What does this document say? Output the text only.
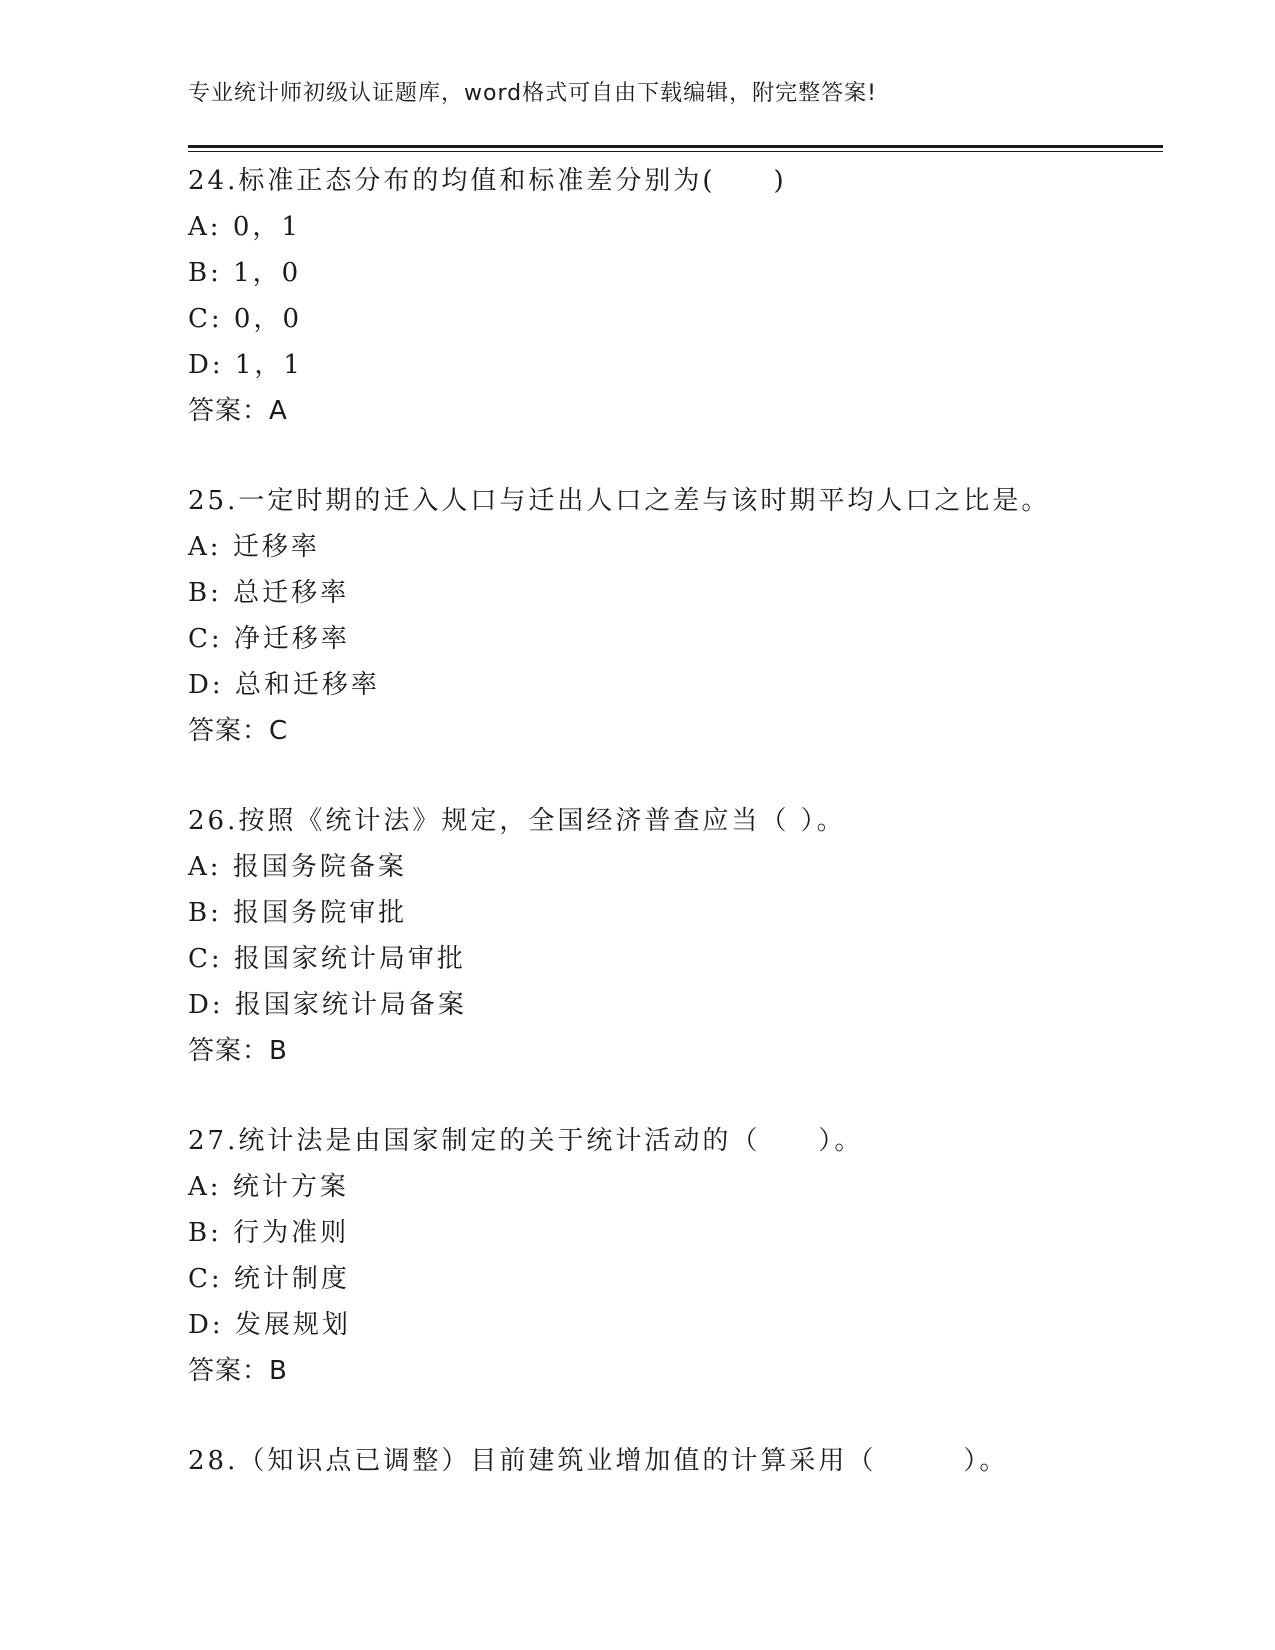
专业统计师初级认证题库，word格式可自由下载编辑，附完整答案!
24.标准正态分布的均值和标准差分别为(　　)
A: 0，1
B: 1，0
C: 0，0
D: 1，1
答案：A
25.一定时期的迁入人口与迁出人口之差与该时期平均人口之比是。
A: 迁移率
B: 总迁移率
C: 净迁移率
D: 总和迁移率
答案：C
26.按照《统计法》规定，全国经济普查应当（ ）。
A: 报国务院备案
B: 报国务院审批
C: 报国家统计局审批
D: 报国家统计局备案
答案：B
27.统计法是由国家制定的关于统计活动的（　　）。
A: 统计方案
B: 行为准则
C: 统计制度
D: 发展规划
答案：B
28.（知识点已调整）目前建筑业增加值的计算采用（　　　）。
